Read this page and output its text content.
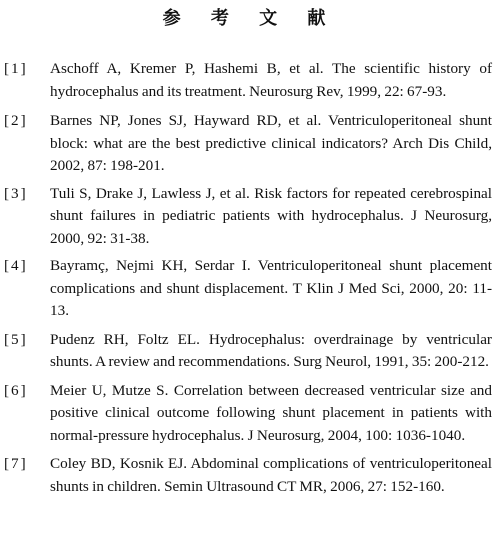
参 考 文 献
[1]	Aschoff A, Kremer P, Hashemi B, et al. The scientific history of hydrocephalus and its treatment. Neurosurg Rev, 1999, 22: 67-93.
[2]	Barnes NP, Jones SJ, Hayward RD, et al. Ventriculoperitoneal shunt block: what are the best predictive clinical indicators? Arch Dis Child, 2002, 87: 198-201.
[3]	Tuli S, Drake J, Lawless J, et al. Risk factors for repeated cerebrospinal shunt failures in pediatric patients with hydrocephalus. J Neurosurg, 2000, 92: 31-38.
[4]	Bayramç, Nejmi KH, Serdar I. Ventriculoperitoneal shunt placement complications and shunt displacement. T Klin J Med Sci, 2000, 20: 11-13.
[5]	Pudenz RH, Foltz EL. Hydrocephalus: overdrainage by ventricular shunts. A review and recommendations. Surg Neurol, 1991, 35: 200-212.
[6]	Meier U, Mutze S. Correlation between decreased ventricular size and positive clinical outcome following shunt placement in patients with normal-pressure hydrocephalus. J Neurosurg, 2004, 100: 1036-1040.
[7]	Coley BD, Kosnik EJ. Abdominal complications of ventriculoperitoneal shunts in children. Semin Ultrasound CT MR, 2006, 27: 152-160.
